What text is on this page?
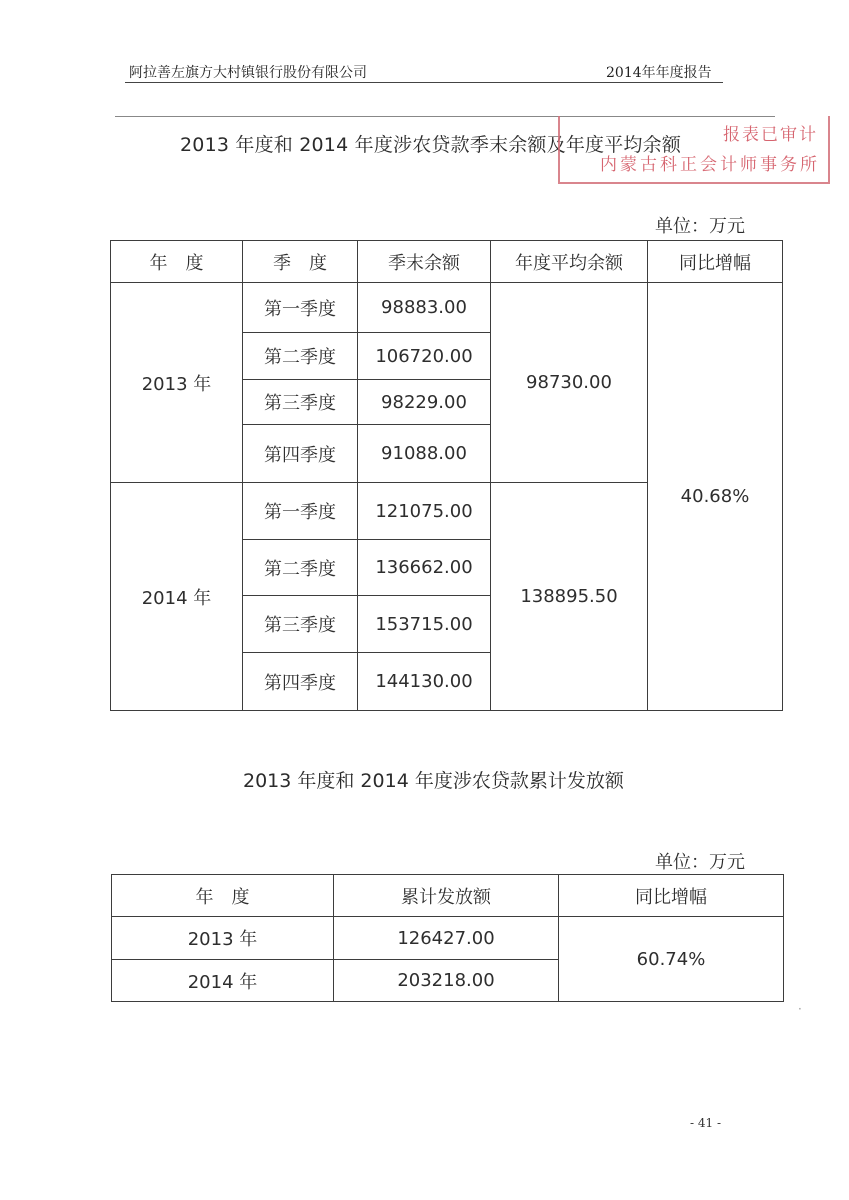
阿拉善左旗方大村镇银行股份有限公司	2014年年度报告
2013 年度和 2014 年度涉农贷款季末余额及年度平均余额 报表已审计
内蒙古科正会计师事务所
单位：万元
年　度	季　度	季末余额	年度平均余额	同比增幅
2013 年	第一季度	98883.00	98730.00	40.68%
	第二季度	106720.00		
	第三季度	98229.00		
	第四季度	91088.00		
2014 年	第一季度	121075.00	138895.50	
	第二季度	136662.00		
	第三季度	153715.00		
	第四季度	144130.00		
2013 年度和 2014 年度涉农贷款累计发放额
单位：万元
年　度	累计发放额	同比增幅
2013 年	126427.00	60.74%
2014 年	203218.00	
·
- 41 -
